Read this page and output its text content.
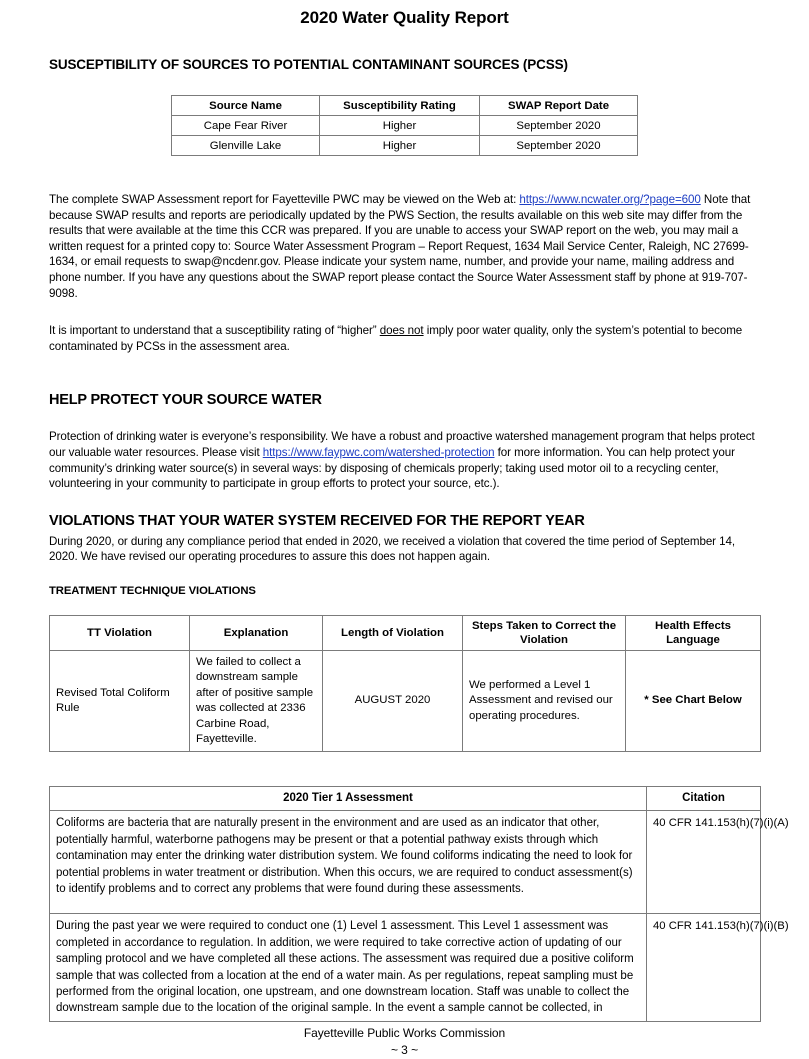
2020 Water Quality Report
SUSCEPTIBILITY OF SOURCES TO POTENTIAL CONTAMINANT SOURCES (PCSS)
Source Name	Susceptibility Rating	SWAP Report Date
Cape Fear River	Higher	September 2020
Glenville Lake	Higher	September 2020

The complete SWAP Assessment report for Fayetteville PWC may be viewed on the Web at: https://www.ncwater.org/?page=600 Note that because SWAP results and reports are periodically updated by the PWS Section, the results available on this web site may differ from the results that were available at the time this CCR was prepared. If you are unable to access your SWAP report on the web, you may mail a written request for a printed copy to: Source Water Assessment Program – Report Request, 1634 Mail Service Center, Raleigh, NC 27699-1634, or email requests to swap@ncdenr.gov. Please indicate your system name, number, and provide your name, mailing address and phone number. If you have any questions about the SWAP report please contact the Source Water Assessment staff by phone at 919-707-9098.

It is important to understand that a susceptibility rating of “higher” does not imply poor water quality, only the system’s potential to become contaminated by PCSs in the assessment area.

HELP PROTECT YOUR SOURCE WATER

Protection of drinking water is everyone’s responsibility. We have a robust and proactive watershed management program that helps protect our valuable water resources. Please visit https://www.faypwc.com/watershed-protection for more information. You can help protect your community’s drinking water source(s) in several ways: by disposing of chemicals properly; taking used motor oil to a recycling center, volunteering in your community to participate in group efforts to protect your source, etc.).

VIOLATIONS THAT YOUR WATER SYSTEM RECEIVED FOR THE REPORT YEAR

During 2020, or during any compliance period that ended in 2020, we received a violation that covered the time period of September 14, 2020. We have revised our operating procedures to assure this does not happen again.

TREATMENT TECHNIQUE VIOLATIONS
TT Violation	Explanation	Length of Violation	Steps Taken to Correct the Violation	Health Effects Language
Revised Total Coliform Rule	We failed to collect a downstream sample after of positive sample was collected at 2336 Carbine Road, Fayetteville.	AUGUST 2020	We performed a Level 1 Assessment and revised our operating procedures.	* See Chart Below
2020 Tier 1 Assessment	Citation
Coliforms are bacteria that are naturally present in the environment and are used as an indicator that other, potentially harmful, waterborne pathogens may be present or that a potential pathway exists through which contamination may enter the drinking water distribution system. We found coliforms indicating the need to look for potential problems in water treatment or distribution. When this occurs, we are required to conduct assessment(s) to identify problems and to correct any problems that were found during these assessments.	40 CFR 141.153(h)(7)(i)(A)
During the past year we were required to conduct one (1) Level 1 assessment. This Level 1 assessment was completed in accordance to regulation. In addition, we were required to take corrective action of updating of our sampling protocol and we have completed all these actions. The assessment was required due a positive coliform sample that was collected from a location at the end of a water main. As per regulations, repeat sampling must be performed from the original location, one upstream, and one downstream location. Staff was unable to collect the downstream sample due to the location of the original sample. In the event a sample cannot be collected, in	40 CFR 141.153(h)(7)(i)(B)
Fayetteville Public Works Commission
~ 3 ~
